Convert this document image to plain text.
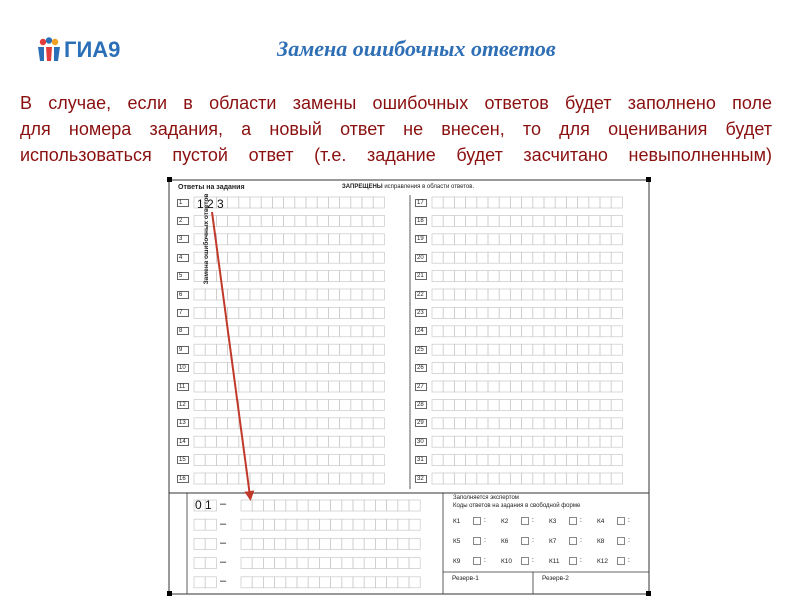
ГИА9	Замена ошибочных ответов
В случае, если в области замены ошибочных ответов будет заполнено поле
для номера задания, а новый ответ не внесен, то для оценивания будет
использоваться пустой ответ (т.е. задание будет засчитано невыполненным)
Ответы на задания	ЗАПРЕЩЕНЫ исправления в области ответов.
1
2
3
4
5
6
7
8
9
10
11
12
13
14
15
16
17
18
19
20
21
22
23
24
25
26
27
28
29
30
31
32
1 2 3
Замена ошибочных ответов
0 1 –
–
–
–
–
Заполняется экспертом
Коды ответов на задания в свободной форме
К1	: К2	: К3	: К4	:
К5	: К6	: К7	: К8	:
К9	: К10	: К11	: К12	:
Резерв-1	Резерв-2
